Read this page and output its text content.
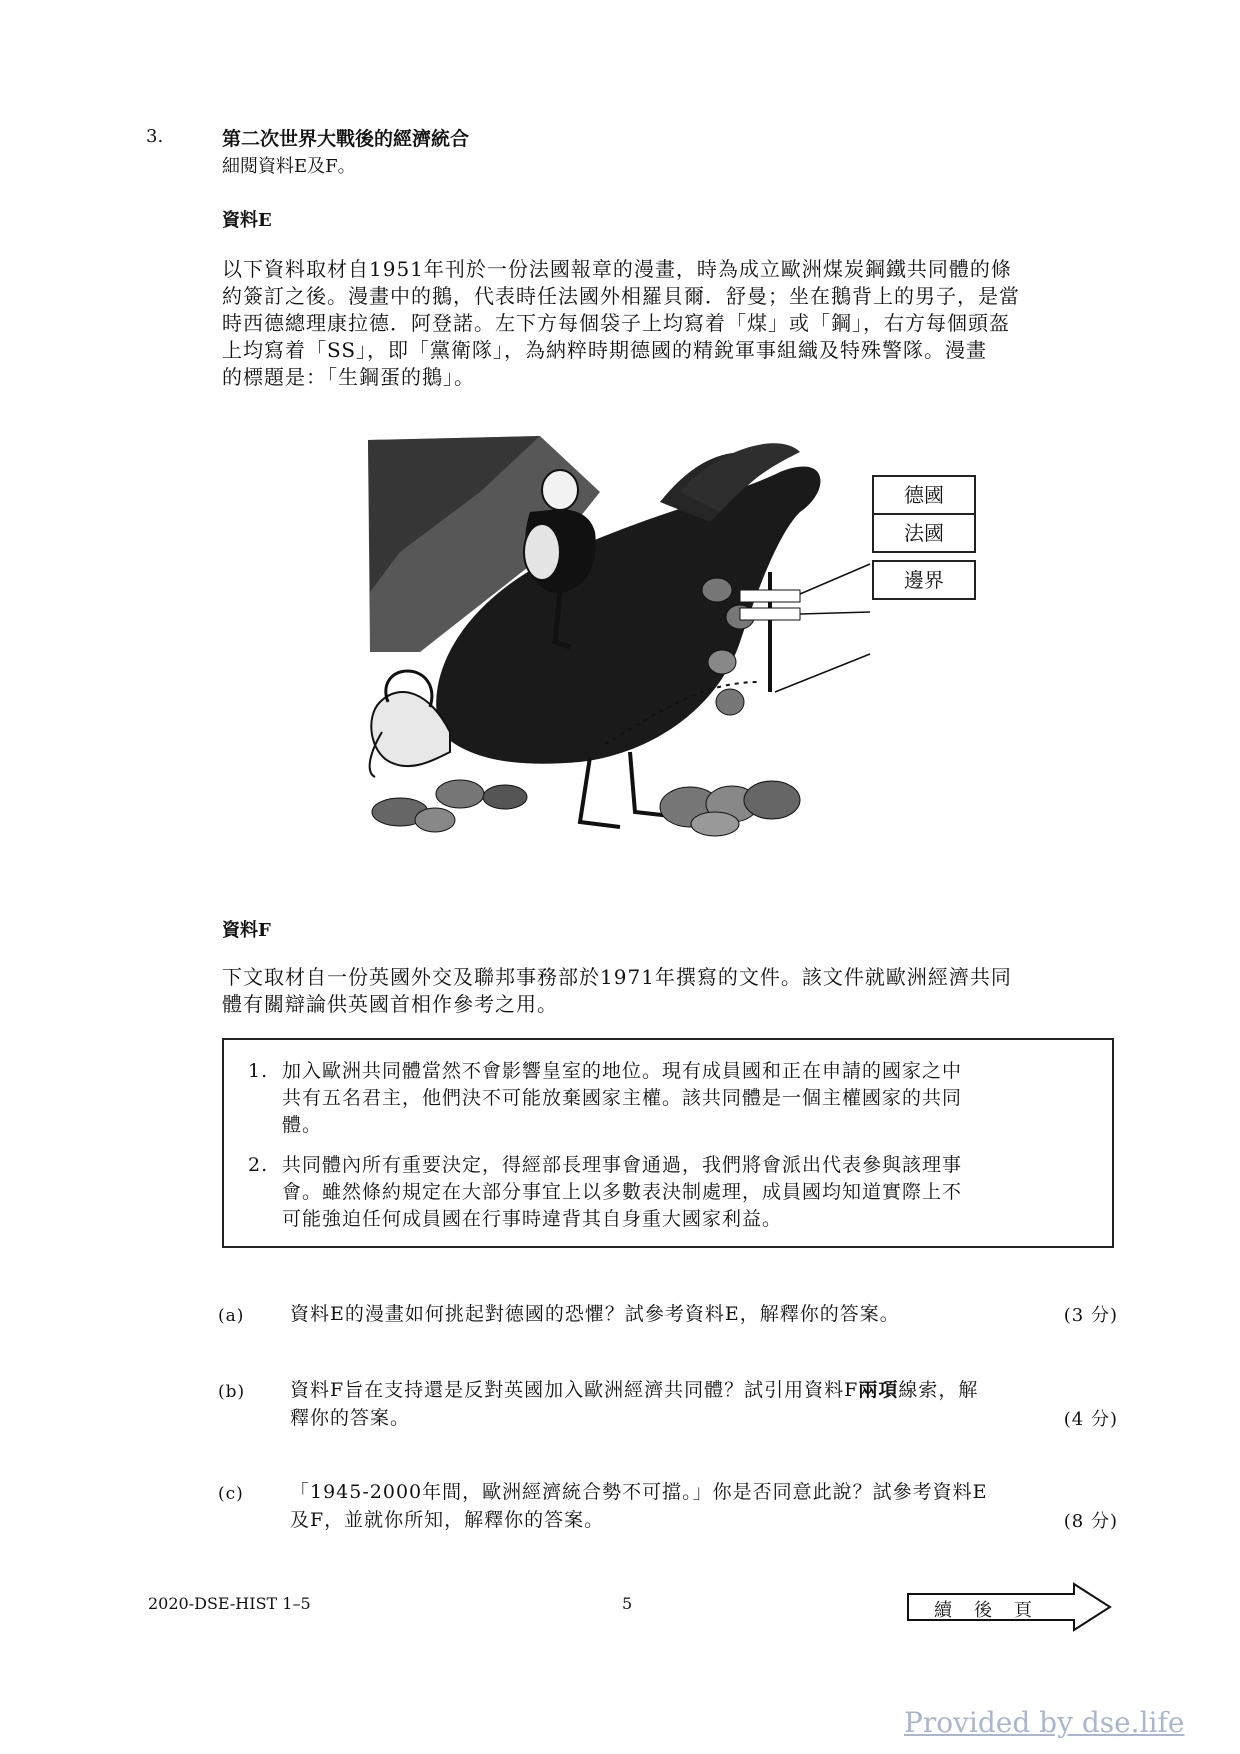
3.	第二次世界大戰後的經濟統合
細閱資料E及F。
資料E
以下資料取材自1951年刊於一份法國報章的漫畫，時為成立歐洲煤炭鋼鐵共同體的條
約簽訂之後。漫畫中的鵝，代表時任法國外相羅貝爾．舒曼；坐在鵝背上的男子，是當
時西德總理康拉德．阿登諾。左下方每個袋子上均寫着「煤」或「鋼」，右方每個頭盔
上均寫着「SS」，即「黨衛隊」，為納粹時期德國的精銳軍事組織及特殊警隊。漫畫
的標題是：「生鋼蛋的鵝」。
德國
法國
邊界
資料F
下文取材自一份英國外交及聯邦事務部於1971年撰寫的文件。該文件就歐洲經濟共同
體有關辯論供英國首相作參考之用。
1. 加入歐洲共同體當然不會影響皇室的地位。現有成員國和正在申請的國家之中
共有五名君主，他們決不可能放棄國家主權。該共同體是一個主權國家的共同
體。
2. 共同體內所有重要決定，得經部長理事會通過，我們將會派出代表參與該理事
會。雖然條約規定在大部分事宜上以多數表決制處理，成員國均知道實際上不
可能強迫任何成員國在行事時違背其自身重大國家利益。
(a) 資料E的漫畫如何挑起對德國的恐懼？試參考資料E，解釋你的答案。	(3 分)
(b) 資料F旨在支持還是反對英國加入歐洲經濟共同體？試引用資料F兩項線索，解
釋你的答案。	(4 分)
(c) 「1945-2000年間，歐洲經濟統合勢不可擋。」你是否同意此說？試參考資料E
及F，並就你所知，解釋你的答案。	(8 分)
2020-DSE-HIST 1–5	5	續　後　頁
Provided by dse.life
